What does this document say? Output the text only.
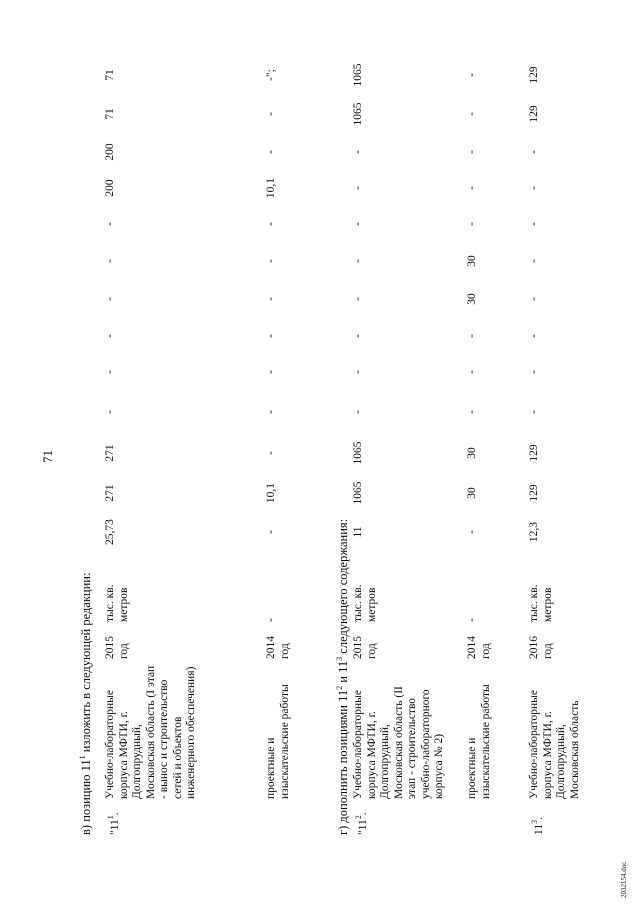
71
в) позицию $11^1$ изложить в следующей редакции:
г) дополнить позициями $11^2$ и $11^3$ следующего содержания:
"$11^1$.
Учебно-лабораторные корпуса МФТИ, г. Долгопрудный, Московская область (I этап - вынос и строительство сетей и объектов инженерного обеспечения)
2015 год
тыс. кв. метров
25,73
271
271
-
-
-
-
-
-
200
200
71
71
проектные и изыскательские работы
2014 год
-
-
10,1
-
-
-
-
-
-
-
10,1
-
-
-";
"$11^2$.
Учебно-лабораторные корпуса МФТИ, г. Долгопрудный, Московская область (II этап - строительство учебно-лабораторного корпуса № 2)
2015 год
тыс. кв. метров
11
1065
1065
-
-
-
-
-
-
-
-
1065
1065
проектные и изыскательские работы
2014 год
-
-
30
30
-
-
-
30
30
-
-
-
-
-
$11^3$.
Учебно-лабораторные корпуса МФТИ, г. Долгопрудный, Московская область
2016 год
тыс. кв. метров
12,3
129
129
-
-
-
-
-
-
-
-
129
129
2032154.doc
